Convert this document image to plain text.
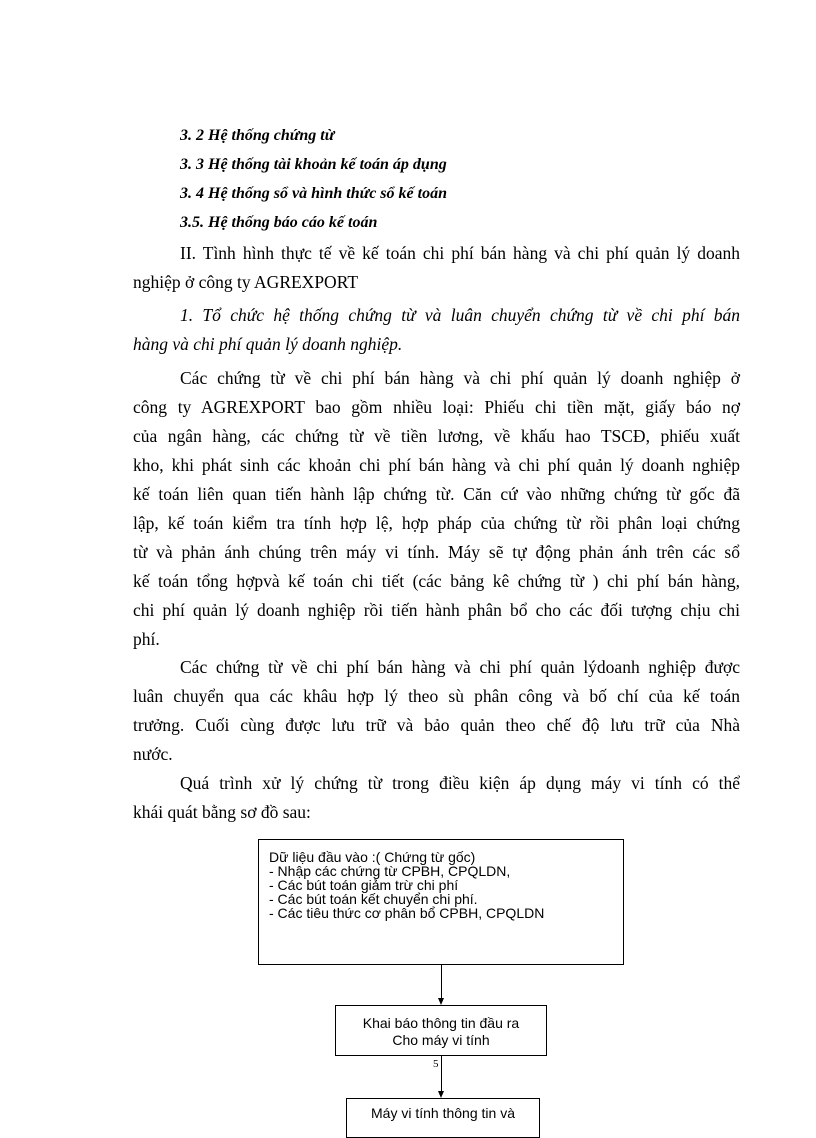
3. 2 Hệ thống chứng từ
3. 3 Hệ thống tài khoản kế toán áp dụng
3. 4 Hệ thống sổ và hình thức sổ kế toán
3.5. Hệ thống báo cáo kế toán
II. Tình hình thực tế về kế toán chi phí bán hàng và chi phí quản lý doanh
nghiệp ở công ty AGREXPORT
1. Tổ chức hệ thống chứng từ và luân chuyển chứng từ về chi phí bán
hàng và chi phí quản lý doanh nghiệp.
Các chứng từ về chi phí bán hàng và chi phí quản lý doanh nghiệp ở
công ty AGREXPORT bao gồm nhiều loại: Phiếu chi tiền mặt, giấy báo nợ
của ngân hàng, các chứng từ về tiền lương, về khấu hao TSCĐ, phiếu xuất
kho, khi phát sinh các khoản chi phí bán hàng và chi phí quản lý doanh nghiệp
kế toán liên quan tiến hành lập chứng từ. Căn cứ vào những chứng từ gốc đã
lập, kế toán kiểm tra tính hợp lệ, hợp pháp của chứng từ rồi phân loại chứng
từ và phản ánh chúng trên máy vi tính. Máy sẽ tự động phản ánh trên các sổ
kế toán tổng hợpvà kế toán chi tiết (các bảng kê chứng từ ) chi phí bán hàng,
chi phí quản lý doanh nghiệp rồi tiến hành phân bổ cho các đối tượng chịu chi
phí.
Các chứng từ về chi phí bán hàng và chi phí quản lýdoanh nghiệp được
luân chuyển qua các khâu hợp lý theo sù phân công và bố chí của kế toán
trưởng. Cuối cùng được lưu trữ và bảo quản theo chế độ lưu trữ của Nhà
nước.
Quá trình xử lý chứng từ trong điều kiện áp dụng máy vi tính có thể
khái quát bằng sơ đồ sau:
Dữ liệu đầu vào :( Chứng từ gốc)
- Nhập các chứng từ CPBH, CPQLDN,
- Các bút toán giảm trừ chi phí
- Các bút toán kết chuyển chi phí.
- Các tiêu thức cơ phân bổ CPBH, CPQLDN
Khai báo thông tin đầu ra
Cho máy vi tính
5
Máy vi tính thông tin và
